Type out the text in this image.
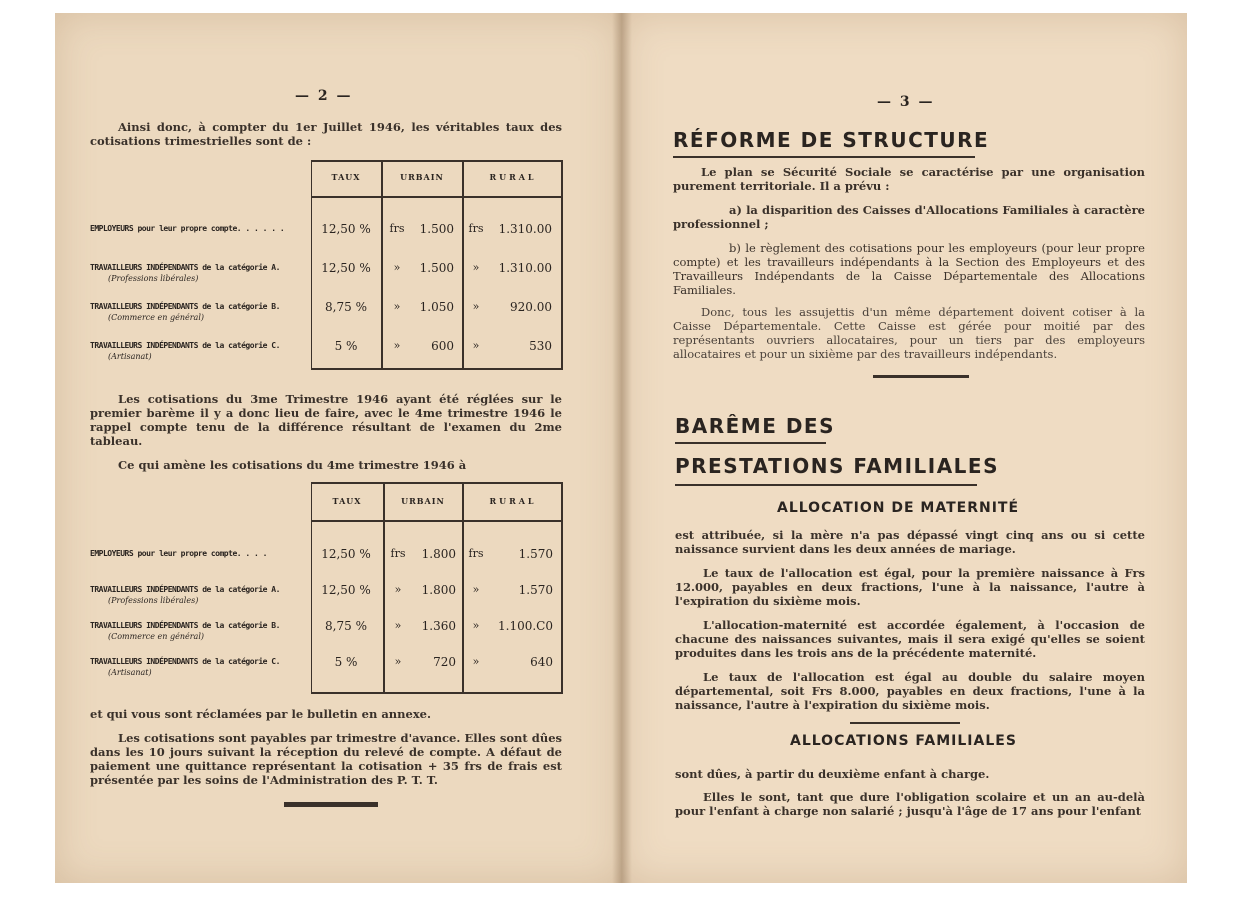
— 2 —
Ainsi donc, à compter du 1er Juillet 1946, les véritables taux des cotisations trimestrielles sont de :
TAUX	URBAIN	RURAL
EMPLOYEURS pour leur propre compte. . . . . .	12,50 %	frs	1.500 frs	1.310.00
TRAVAILLEURS INDÉPENDANTS de la catégorie A.
(Professions libérales)
12,50 %	»	1.500	»	1.310.00
TRAVAILLEURS INDÉPENDANTS de la catégorie B.
(Commerce en général)
8,75 %	»	1.050	»	920.00
TRAVAILLEURS INDÉPENDANTS de la catégorie C.
(Artisanat)
5 %	»	600	»	530
Les cotisations du 3me Trimestre 1946 ayant été réglées sur le premier barème il y a donc lieu de faire, avec le 4me trimestre 1946 le rappel compte tenu de la différence résultant de l'examen du 2me tableau.
Ce qui amène les cotisations du 4me trimestre 1946 à
TAUX	URBAIN	RURAL
EMPLOYEURS pour leur propre compte. . . .	12,50 %	frs	1.800 frs	1.570
TRAVAILLEURS INDÉPENDANTS de la catégorie A.
(Professions libérales)
12,50 %	»	1.800	»	1.570
TRAVAILLEURS INDÉPENDANTS de la catégorie B.
(Commerce en général)
8,75 %	»	1.360	»	1.100.C0
TRAVAILLEURS INDÉPENDANTS de la catégorie C.
(Artisanat)
5 %	»	720	»	640
et qui vous sont réclamées par le bulletin en annexe.
Les cotisations sont payables par trimestre d'avance. Elles sont dûes dans les 10 jours suivant la réception du relevé de compte. A défaut de paiement une quittance représentant la cotisation + 35 frs de frais est présentée par les soins de l'Administration des P. T. T.
— 3 —
RÉFORME DE STRUCTURE
Le plan se Sécurité Sociale se caractérise par une organisation purement territoriale. Il a prévu :
a) la disparition des Caisses d'Allocations Familiales à caractère professionnel ;
b) le règlement des cotisations pour les employeurs (pour leur propre compte) et les travailleurs indépendants à la Section des Employeurs et des Travailleurs Indépendants de la Caisse Départementale des Allocations Familiales.
Donc, tous les assujettis d'un même département doivent cotiser à la Caisse Départementale. Cette Caisse est gérée pour moitié par des représentants ouvriers allocataires, pour un tiers par des employeurs allocataires et pour un sixième par des travailleurs indépendants.
BARÊME DES
PRESTATIONS FAMILIALES
ALLOCATION DE MATERNITÉ
est attribuée, si la mère n'a pas dépassé vingt cinq ans ou si cette naissance survient dans les deux années de mariage.
Le taux de l'allocation est égal, pour la première naissance à Frs 12.000, payables en deux fractions, l'une à la naissance, l'autre à l'expiration du sixième mois.
L'allocation-maternité est accordée également, à l'occasion de chacune des naissances suivantes, mais il sera exigé qu'elles se soient produites dans les trois ans de la précédente maternité.
Le taux de l'allocation est égal au double du salaire moyen départemental, soit Frs 8.000, payables en deux fractions, l'une à la naissance, l'autre à l'expiration du sixième mois.
ALLOCATIONS FAMILIALES
sont dûes, à partir du deuxième enfant à charge.
Elles le sont, tant que dure l'obligation scolaire et un an au-delà pour l'enfant à charge non salarié ; jusqu'à l'âge de 17 ans pour l'enfant
